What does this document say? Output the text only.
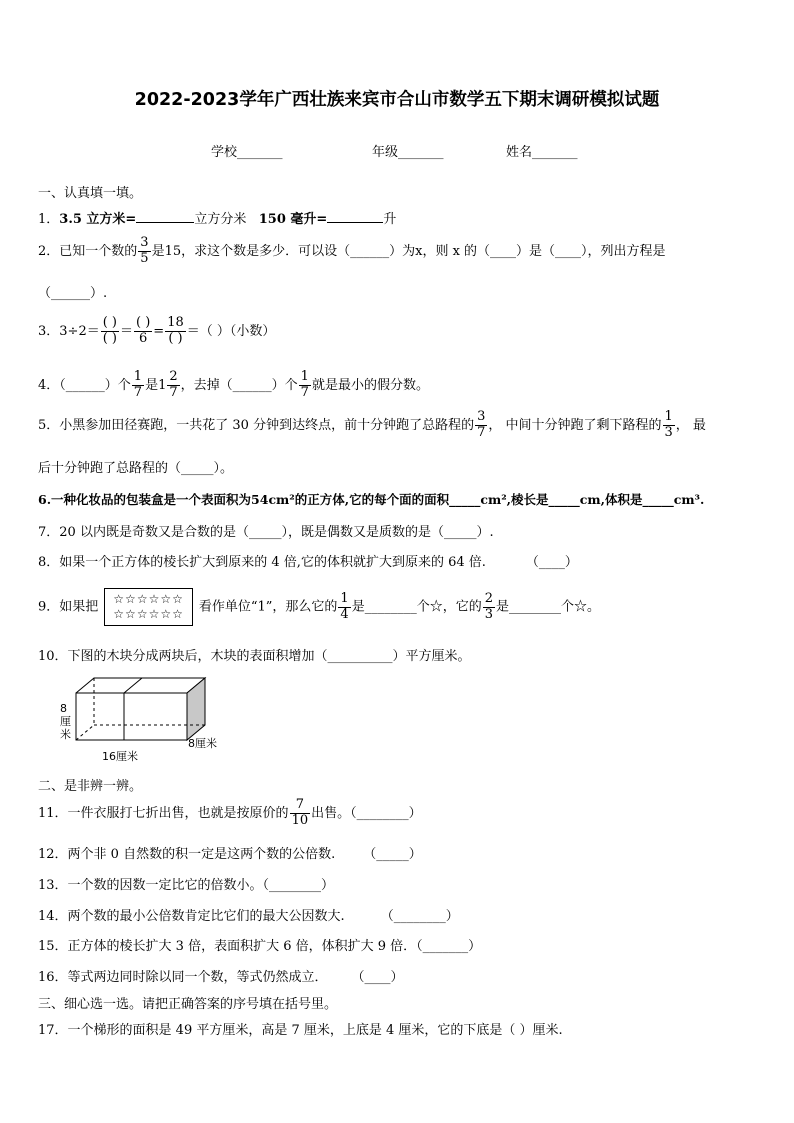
2022-2023学年广西壮族来宾市合山市数学五下期末调研模拟试题
学校_______	年级_______	姓名_______
一、认真填一填。
1．3.5 立方米=	立方分米 150 毫升=	升
2．已知一个数的 $\frac{3}{5}$ 是15，求这个数是多少．可以设（______）为x，则 x 的（____）是（____），列出方程是
（______）.
3．$3\div 2= \frac{( )}{( )} = \frac{( )}{6} = \frac{18}{( )}$ ＝（ ）（小数）
4．（______）个 $\frac{1}{7}$ 是$1 \frac{2}{7}$ ，去掉（______）个 $\frac{1}{7}$ 就是最小的假分数。
5．小黑参加田径赛跑，一共花了 30 分钟到达终点，前十分钟跑了总路程的 $\frac{3}{7}$ ， 中间十分钟跑了剩下路程的 $\frac{1}{3}$ ， 最
后十分钟跑了总路程的（_____）。
6.一种化妆品的包装盒是一个表面积为54cm²的正方体,它的每个面的面积_____cm²,棱长是_____cm,体积是_____cm³.
7．20 以内既是奇数又是合数的是（_____），既是偶数又是质数的是（_____）.
8．如果一个正方体的棱长扩大到原来的 4 倍,它的体积就扩大到原来的 64 倍.	（____）
9．如果把
☆☆☆☆☆☆
☆☆☆☆☆☆ 看作单位“1”，那么它的 $\frac{1}{4}$ 是________个☆，它的 $\frac{2}{3}$ 是________个☆。
10．下图的木块分成两块后，木块的表面积增加（__________）平方厘米。
8
厘
米
16厘米
8厘米
二、是非辨一辨。
11．一件衣服打七折出售，也就是按原价的 $\frac{7}{10}$ 出售。（________）
12．两个非 0 自然数的积一定是这两个数的公倍数. （_____）
13．一个数的因数一定比它的倍数小。（________）
14．两个数的最小公倍数肯定比它们的最大公因数大.	（________）
15．正方体的棱长扩大 3 倍，表面积扩大 6 倍，体积扩大 9 倍．（_______）
16．等式两边同时除以同一个数，等式仍然成立． （____）
三、细心选一选。请把正确答案的序号填在括号里。
17．一个梯形的面积是 49 平方厘米，高是 7 厘米，上底是 4 厘米，它的下底是（ ）厘米.
